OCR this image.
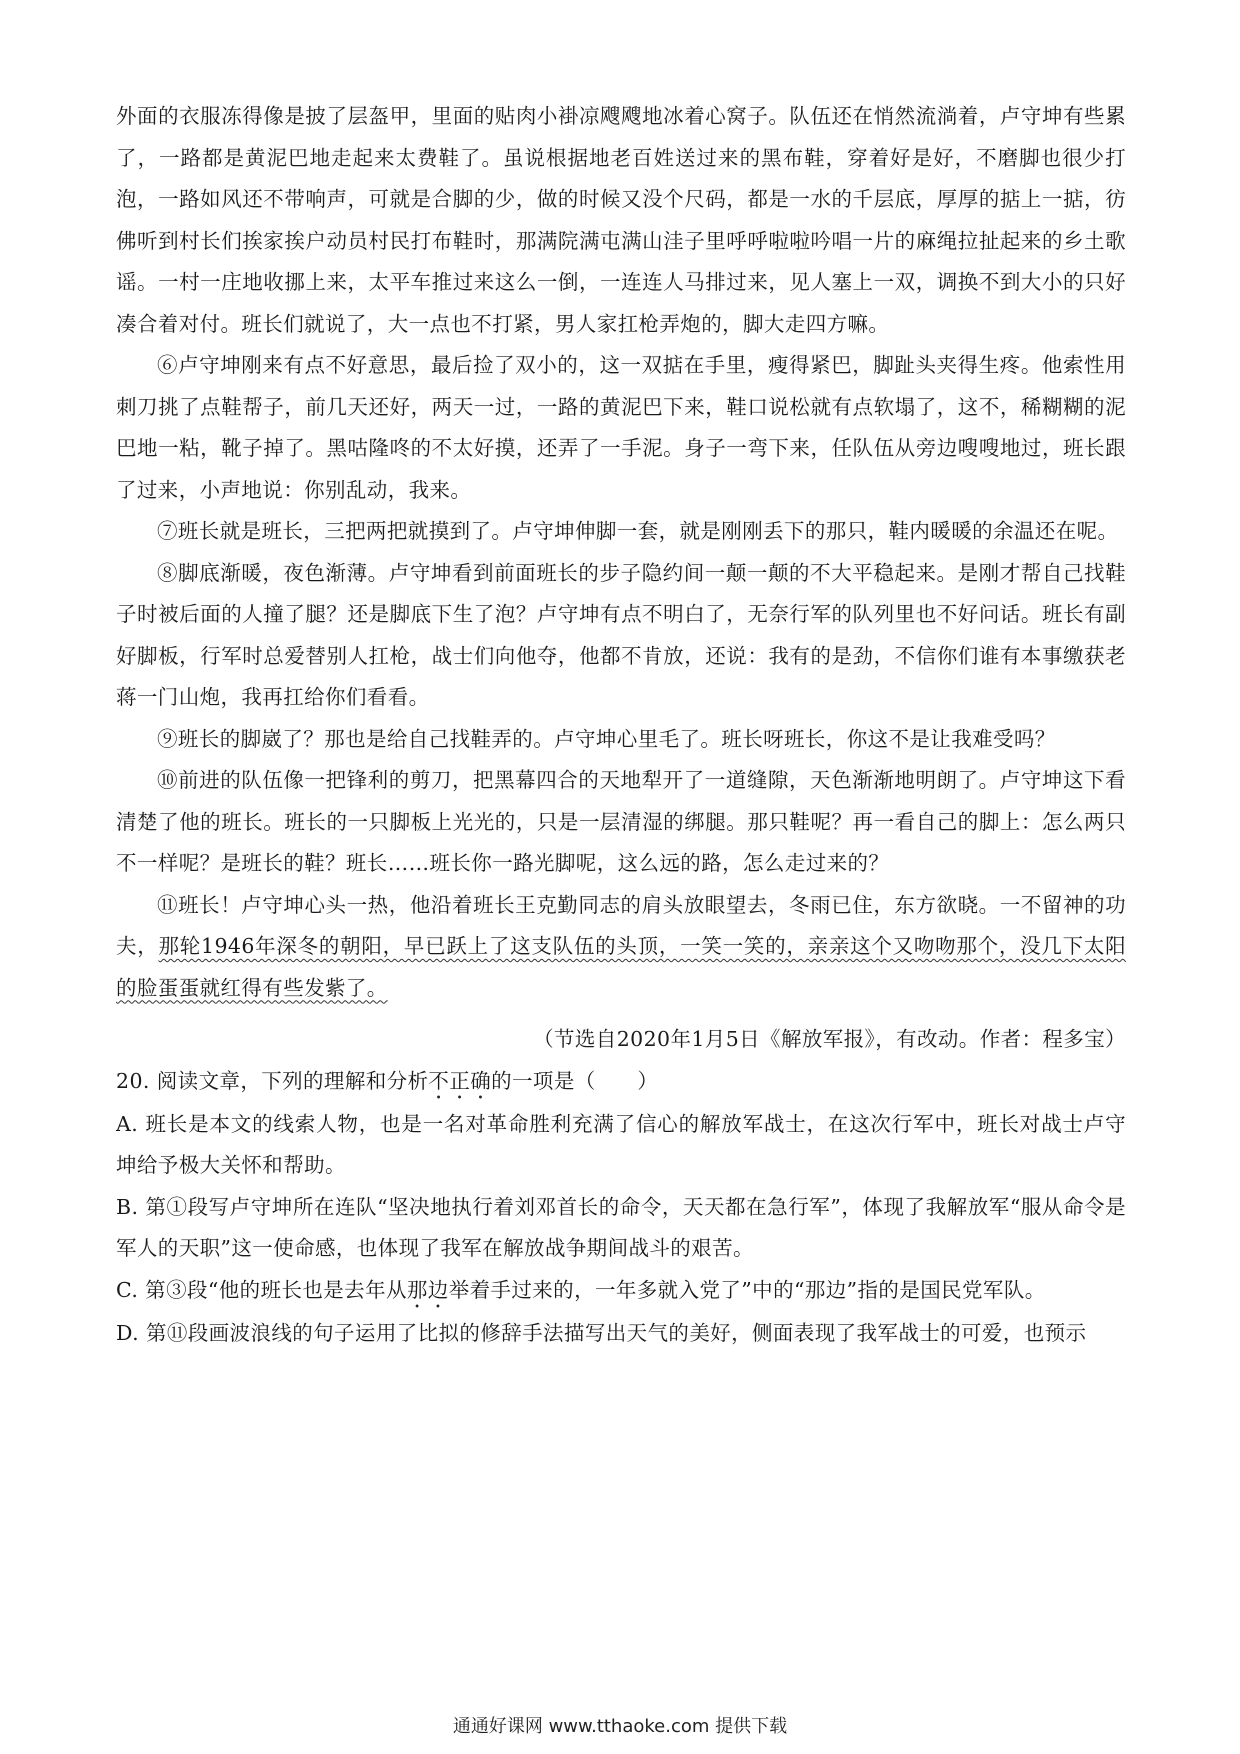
外面的衣服冻得像是披了层盔甲，里面的贴肉小褂凉飕飕地冰着心窝子。队伍还在悄然流淌着，卢守坤有些累了，一路都是黄泥巴地走起来太费鞋了。虽说根据地老百姓送过来的黑布鞋，穿着好是好，不磨脚也很少打泡，一路如风还不带响声，可就是合脚的少，做的时候又没个尺码，都是一水的千层底，厚厚的掂上一掂，彷佛听到村长们挨家挨户动员村民打布鞋时，那满院满屯满山洼子里呼呼啦啦吟唱一片的麻绳拉扯起来的乡土歌谣。一村一庄地收挪上来，太平车推过来这么一倒，一连连人马排过来，见人塞上一双，调换不到大小的只好凑合着对付。班长们就说了，大一点也不打紧，男人家扛枪弄炮的，脚大走四方嘛。

⑥卢守坤刚来有点不好意思，最后捡了双小的，这一双掂在手里，瘦得紧巴，脚趾头夹得生疼。他索性用刺刀挑了点鞋帮子，前几天还好，两天一过，一路的黄泥巴下来，鞋口说松就有点软塌了，这不，稀糊糊的泥巴地一粘，靴子掉了。黑咕隆咚的不太好摸，还弄了一手泥。身子一弯下来，任队伍从旁边嗖嗖地过，班长跟了过来，小声地说：你别乱动，我来。

⑦班长就是班长，三把两把就摸到了。卢守坤伸脚一套，就是刚刚丢下的那只，鞋内暖暖的余温还在呢。

⑧脚底渐暖，夜色渐薄。卢守坤看到前面班长的步子隐约间一颠一颠的不大平稳起来。是刚才帮自己找鞋子时被后面的人撞了腿？还是脚底下生了泡？卢守坤有点不明白了，无奈行军的队列里也不好问话。班长有副好脚板，行军时总爱替别人扛枪，战士们向他夺，他都不肯放，还说：我有的是劲，不信你们谁有本事缴获老蒋一门山炮，我再扛给你们看看。

⑨班长的脚崴了？那也是给自己找鞋弄的。卢守坤心里毛了。班长呀班长，你这不是让我难受吗？

⑩前进的队伍像一把锋利的剪刀，把黑幕四合的天地犁开了一道缝隙，天色渐渐地明朗了。卢守坤这下看清楚了他的班长。班长的一只脚板上光光的，只是一层清湿的绑腿。那只鞋呢？再一看自己的脚上：怎么两只不一样呢？是班长的鞋？班长……班长你一路光脚呢，这么远的路，怎么走过来的？

⑪班长！卢守坤心头一热，他沿着班长王克勤同志的肩头放眼望去，冬雨已住，东方欲晓。一不留神的功夫，那轮1946年深冬的朝阳，早已跃上了这支队伍的头顶，一笑一笑的，亲亲这个又吻吻那个，没几下太阳的脸蛋蛋就红得有些发紫了。

（节选自2020年1月5日《解放军报》，有改动。作者：程多宝）

20. 阅读文章，下列的理解和分析不正确的一项是（　　）

A. 班长是本文的线索人物，也是一名对革命胜利充满了信心的解放军战士，在这次行军中，班长对战士卢守坤给予极大关怀和帮助。

B. 第①段写卢守坤所在连队“坚决地执行着刘邓首长的命令，天天都在急行军”，体现了我解放军“服从命令是军人的天职”这一使命感，也体现了我军在解放战争期间战斗的艰苦。

C. 第③段“他的班长也是去年从那边举着手过来的，一年多就入党了”中的“那边”指的是国民党军队。

D. 第⑪段画波浪线的句子运用了比拟的修辞手法描写出天气的美好，侧面表现了我军战士的可爱，也预示

通通好课网 www.tthaoke.com 提供下载
